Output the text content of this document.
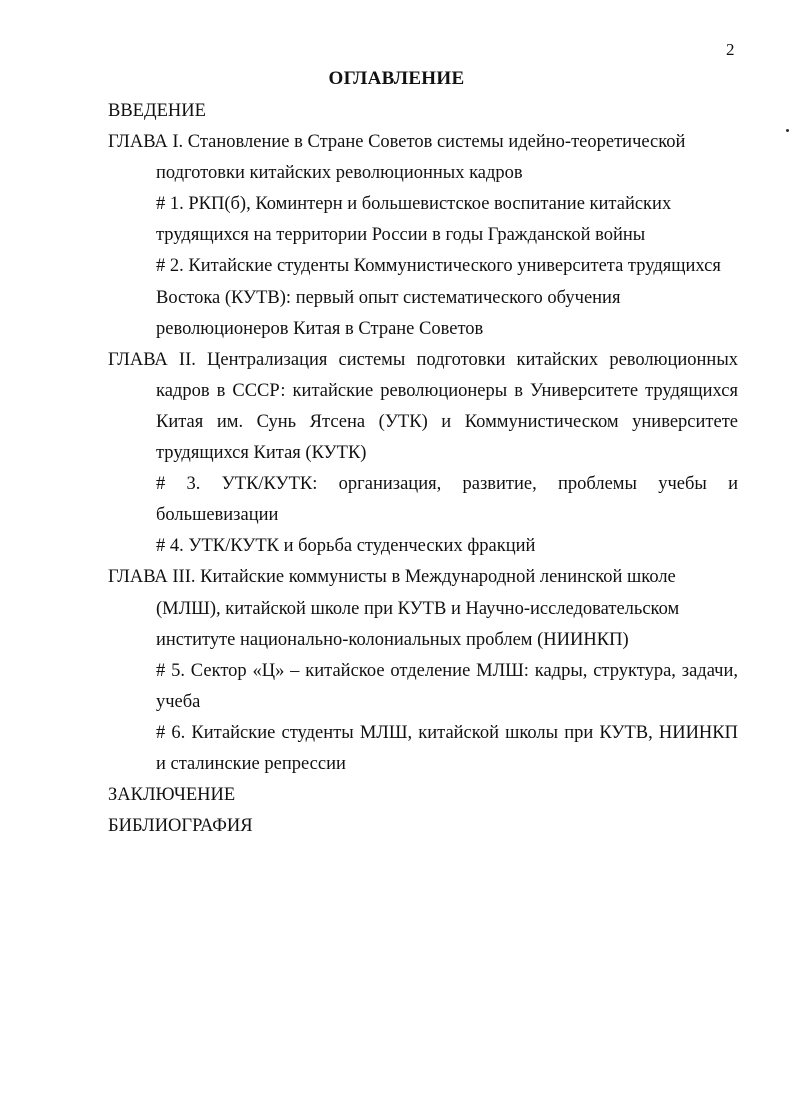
2
ОГЛАВЛЕНИЕ

ВВЕДЕНИЕ

ГЛАВА I. Становление в Стране Советов системы идейно-теоретической подготовки китайских революционных кадров

# 1. РКП(б), Коминтерн и большевистское воспитание китайских трудящихся на территории России в годы Гражданской войны

# 2. Китайские студенты Коммунистического университета трудящихся Востока (КУТВ): первый опыт систематического обучения революционеров Китая в Стране Советов

ГЛАВА II. Централизация системы подготовки китайских революционных кадров в СССР: китайские революционеры в Университете трудящихся Китая им. Сунь Ятсена (УТК) и Коммунистическом университете трудящихся Китая (КУТК)

# 3. УТК/КУТК: организация, развитие, проблемы учебы и большевизации

# 4. УТК/КУТК и борьба студенческих фракций

ГЛАВА III. Китайские коммунисты в Международной ленинской школе (МЛШ), китайской школе при КУТВ и Научно-исследовательском институте национально-колониальных проблем (НИИНКП)

# 5. Сектор «Ц» – китайское отделение МЛШ: кадры, структура, задачи, учеба

# 6. Китайские студенты МЛШ, китайской школы при КУТВ, НИИНКП и сталинские репрессии

ЗАКЛЮЧЕНИЕ

БИБЛИОГРАФИЯ
